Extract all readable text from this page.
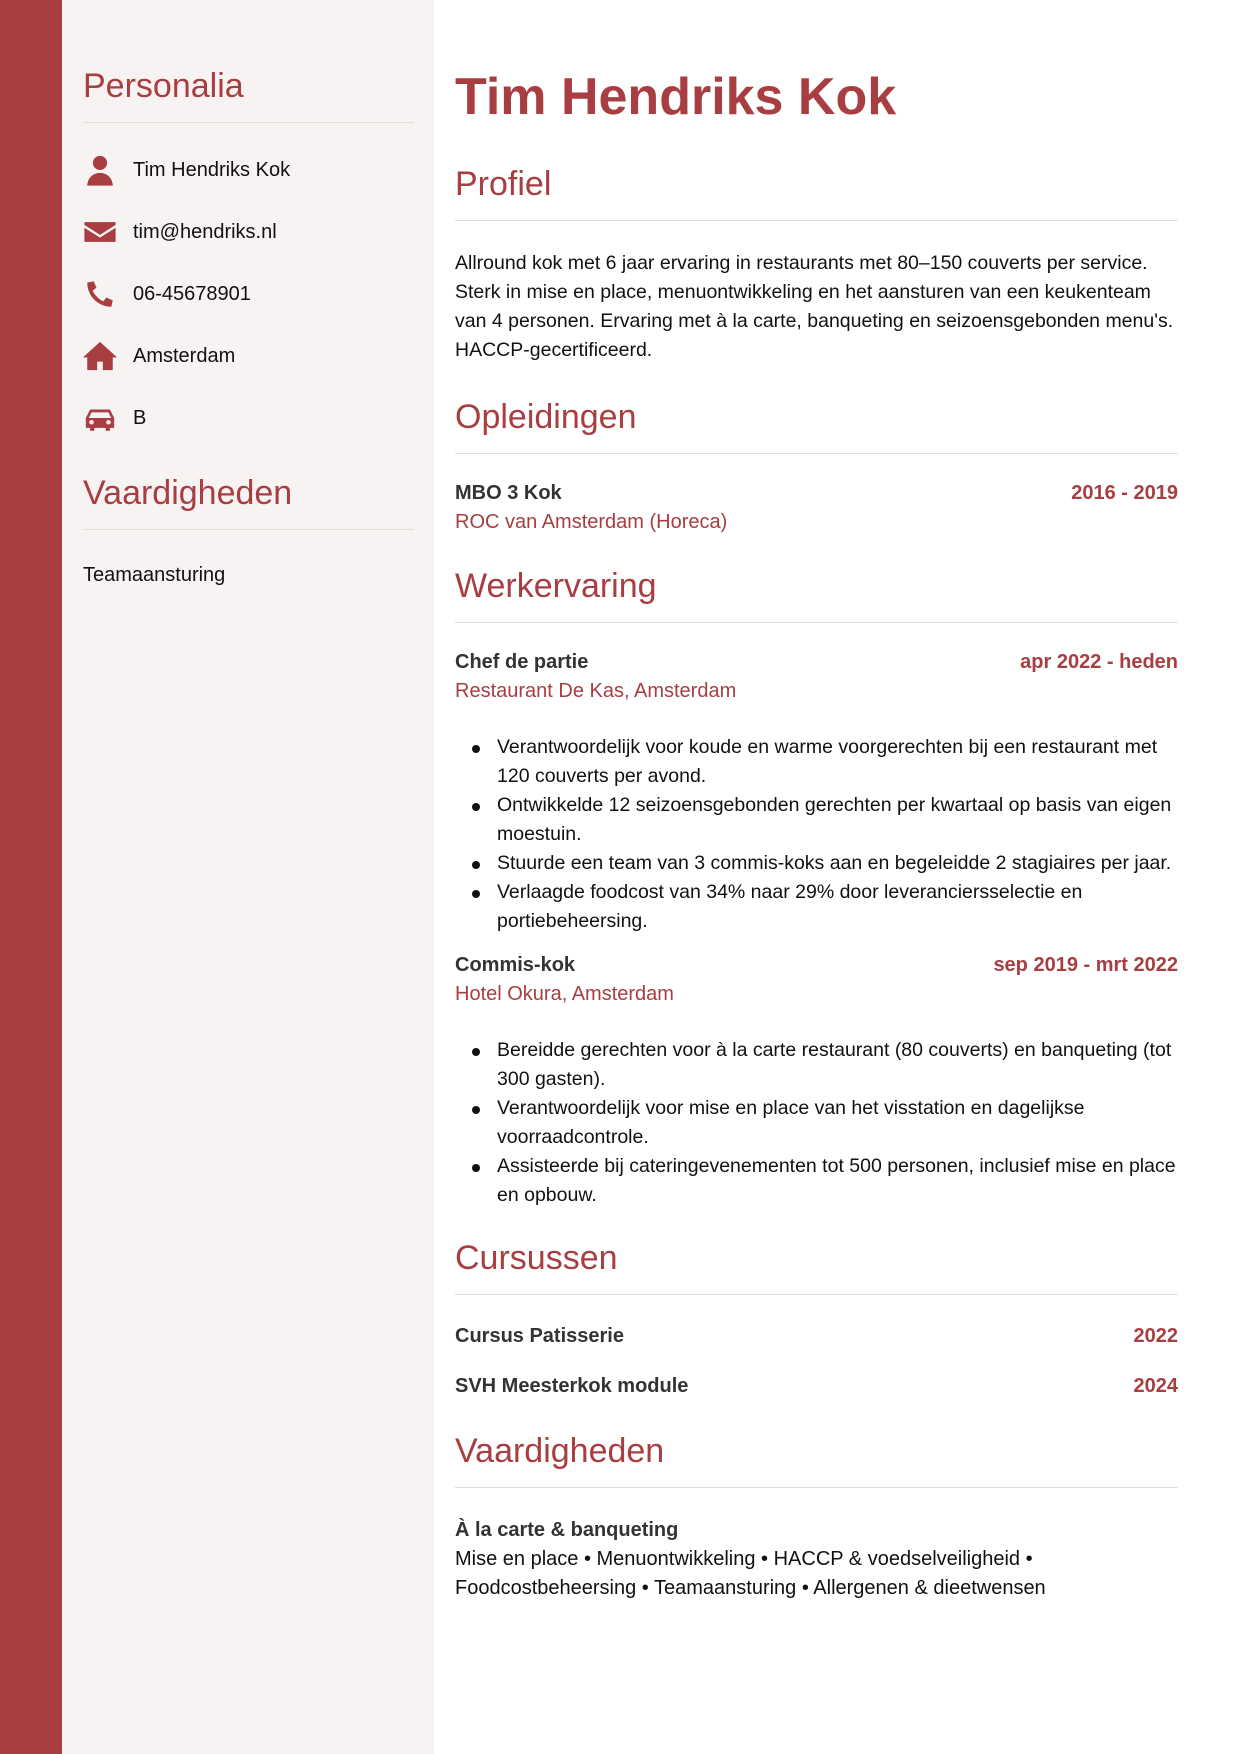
Personalia
Tim Hendriks Kok
tim@hendriks.nl
06-45678901
Amsterdam
B
Vaardigheden
Teamaansturing
Tim Hendriks Kok
Profiel

Allround kok met 6 jaar ervaring in restaurants met 80–150 couverts per service. Sterk in mise en place, menuontwikkeling en het aansturen van een keukenteam van 4 personen. Ervaring met à la carte, banqueting en seizoensgebonden menu's. HACCP-gecertificeerd.

Opleidingen
MBO 3 Kok	2016 - 2019
ROC van Amsterdam (Horeca)
Werkervaring
Chef de partie	apr 2022 - heden
Restaurant De Kas, Amsterdam
Verantwoordelijk voor koude en warme voorgerechten bij een restaurant met 120 couverts per avond.
Ontwikkelde 12 seizoensgebonden gerechten per kwartaal op basis van eigen moestuin.
Stuurde een team van 3 commis-koks aan en begeleidde 2 stagiaires per jaar.
Verlaagde foodcost van 34% naar 29% door leveranciersselectie en portiebeheersing.
Commis-kok	sep 2019 - mrt 2022
Hotel Okura, Amsterdam
Bereidde gerechten voor à la carte restaurant (80 couverts) en banqueting (tot 300 gasten).
Verantwoordelijk voor mise en place van het visstation en dagelijkse voorraadcontrole.
Assisteerde bij cateringevenementen tot 500 personen, inclusief mise en place en opbouw.
Cursussen
Cursus Patisserie	2022
SVH Meesterkok module	2024
Vaardigheden
À la carte & banqueting
Mise en place • Menuontwikkeling • HACCP & voedselveiligheid •
Foodcostbeheersing • Teamaansturing • Allergenen & dieetwensen
